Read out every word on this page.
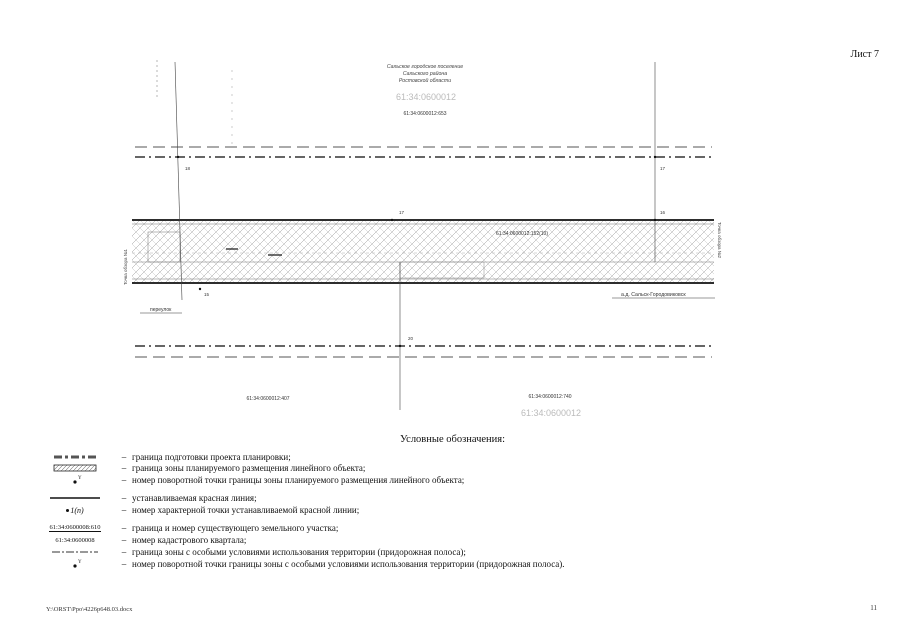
Лист 7
Сальское городское поселение
Сальского района
Ростовской области
61:34:0600012
61:34:0600012:653
61:34:0600012:152(10)
18	17
17	16
15
20
Точка обзора №1
Точка обзора №2
переулок
а.д. Сальск-Городовиковск
61:34:0600012:407	61:34:0600012:740
61:34:0600012
Условные обозначения:
– граница подготовки проекта планировки;
– граница зоны планируемого размещения линейного объекта;
Y	– номер поворотной точки границы зоны планируемого размещения линейного объекта;
– устанавливаемая красная линия;
1(n)	– номер характерной точки устанавливаемой красной линии;
61:34:0600008:610	– граница и номер существующего земельного участка;
61:34:0600008	– номер кадастрового квартала;
– граница зоны с особыми условиями использования территории (придорожная полоса);
Y	– номер поворотной точки границы зоны с особыми условиями использования территории (придорожная полоса).
Y:\ORST\Ppo\4226p648.03.docx	11
